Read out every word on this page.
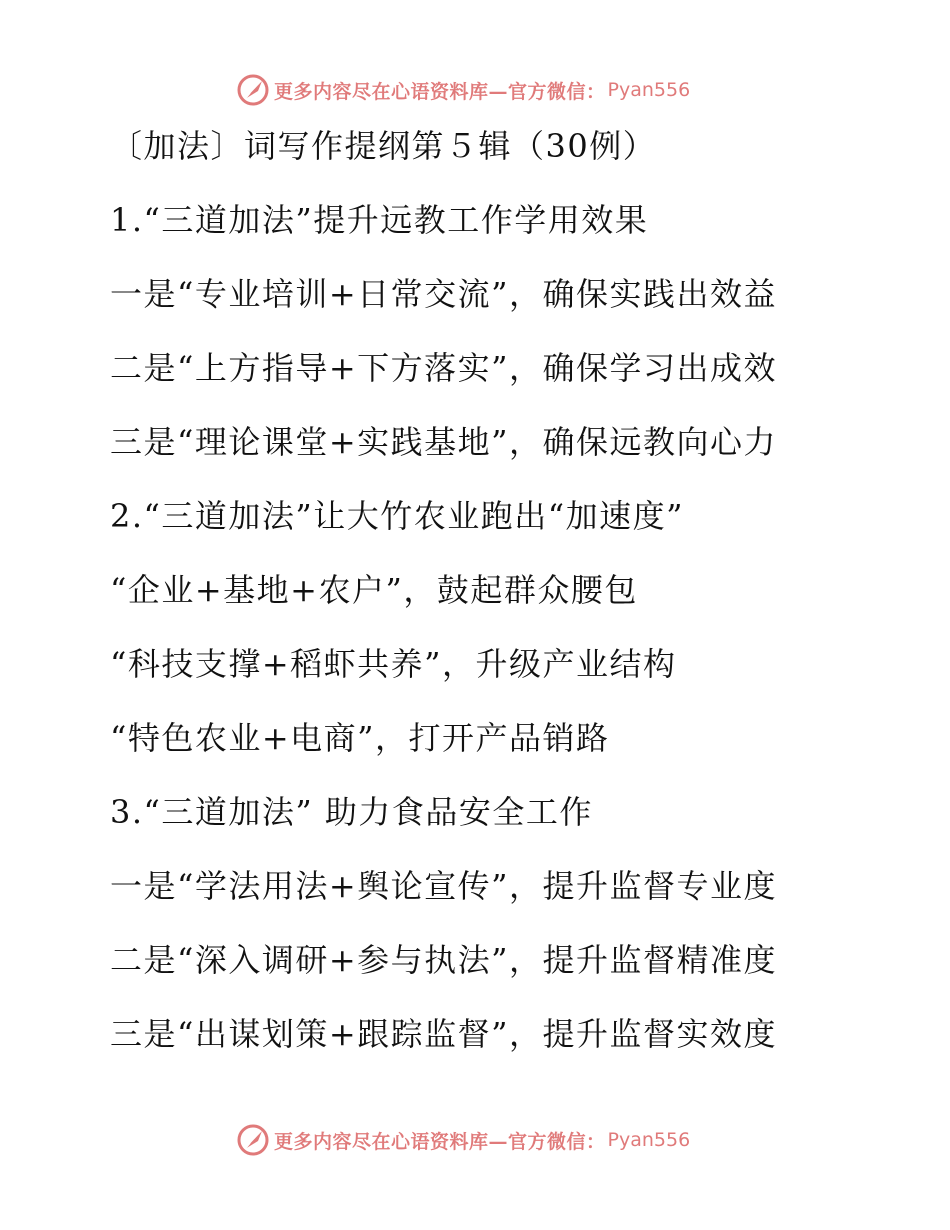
更多内容尽在心语资料库—官方微信： Pyan556
〔加法〕词写作提纲第５辑（30例）
1.“三道加法”提升远教工作学用效果
一是“专业培训+日常交流”，确保实践出效益
二是“上方指导+下方落实”，确保学习出成效
三是“理论课堂+实践基地”，确保远教向心力
2.“三道加法”让大竹农业跑出“加速度”
“企业+基地+农户”，鼓起群众腰包
“科技支撑+稻虾共养”，升级产业结构
“特色农业+电商”，打开产品销路
3.“三道加法” 助力食品安全工作
一是“学法用法+舆论宣传”，提升监督专业度
二是“深入调研+参与执法”，提升监督精准度
三是“出谋划策+跟踪监督”，提升监督实效度
更多内容尽在心语资料库—官方微信： Pyan556
